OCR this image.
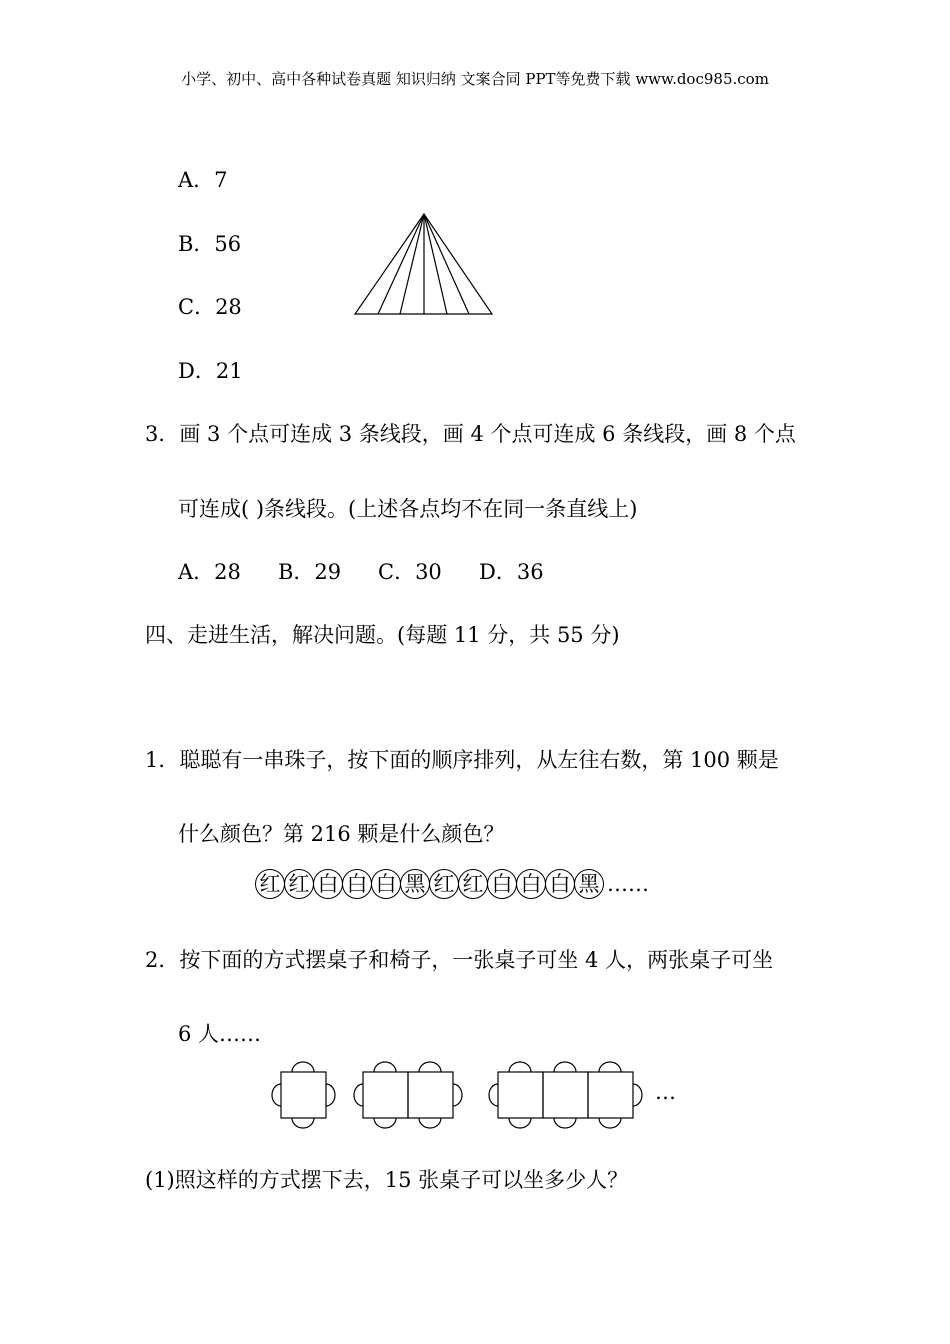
小学、初中、高中各种试卷真题 知识归纳 文案合同 PPT等免费下载 www.doc985.com
A．7
B．56
C．28
D．21
3．画 3 个点可连成 3 条线段，画 4 个点可连成 6 条线段，画 8 个点
可连成( )条线段。(上述各点均不在同一条直线上)
A．28 B．29 C．30 D．36
四、走进生活，解决问题。(每题 11 分，共 55 分)
1．聪聪有一串珠子，按下面的顺序排列，从左往右数，第 100 颗是
什么颜色？第 216 颗是什么颜色？
红 红 白 白 白 黑 红 红 白 白 白 黑 ……
2．按下面的方式摆桌子和椅子，一张桌子可坐 4 人，两张桌子可坐
6 人……
…
(1)照这样的方式摆下去，15 张桌子可以坐多少人？
